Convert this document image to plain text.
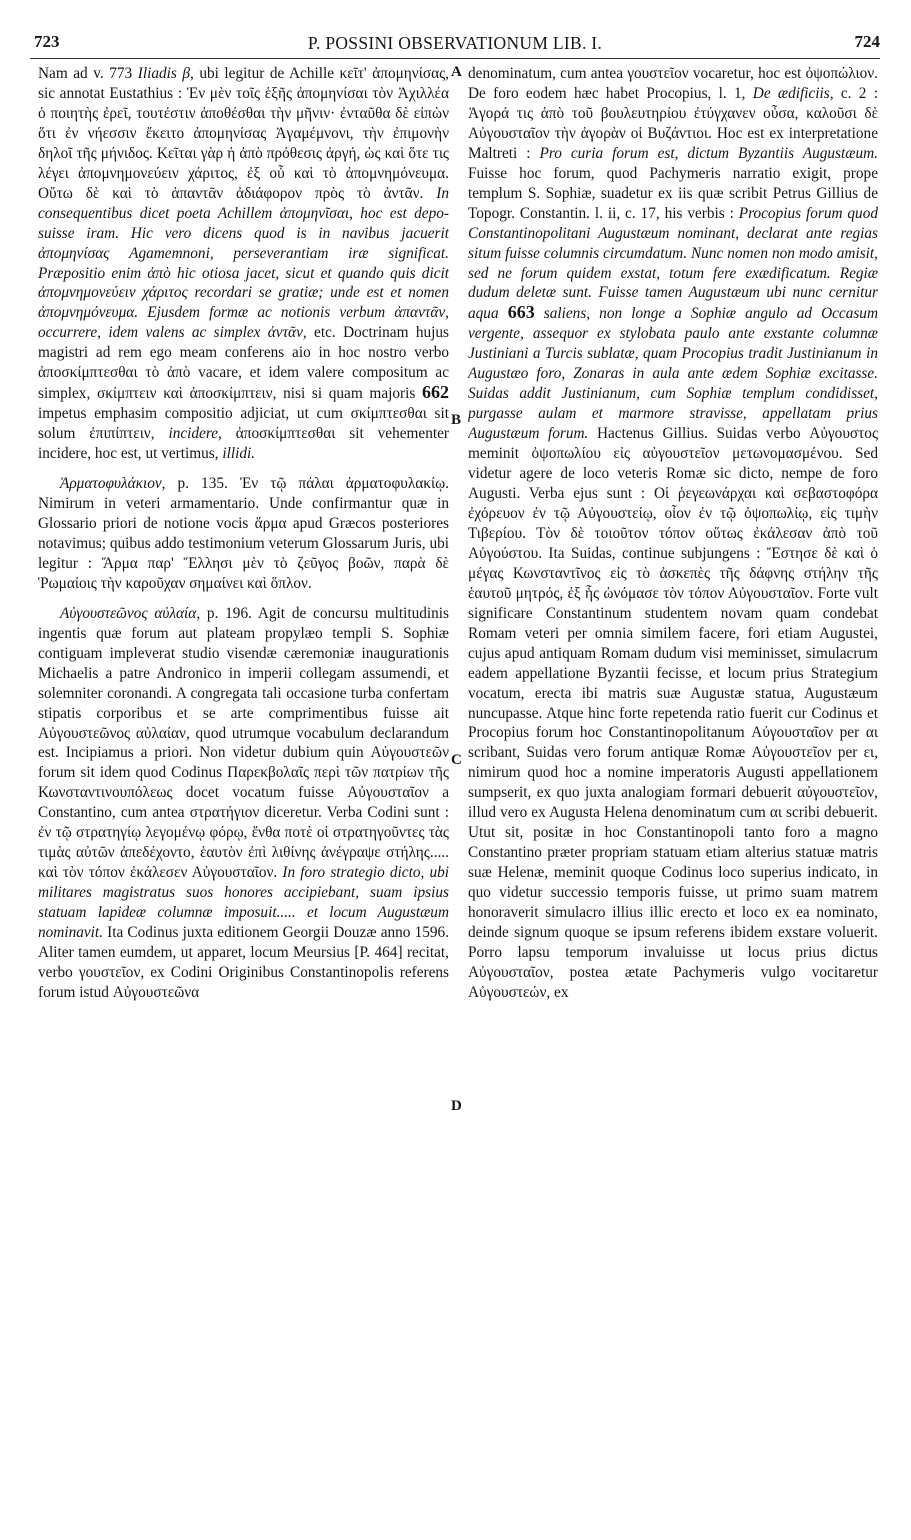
723	P. POSSINI OBSERVATIONUM LIB. I.	724
A
B
C
D

Nam ad v. 773 Iliadis β, ubi legitur de Achille κεῖτ' ἀπομηνίσας, sic annotat Eustathius : Ἐν μὲν τοῖς ἑξῆς ἀπομηνίσαι τὸν Ἀχιλλέα ὁ ποιητὴς ἐρεῖ, τουτέστιν ἀποθέσθαι τὴν μῆνιν· ἐνταῦθα δὲ εἰπὼν ὅτι ἐν νήεσσιν ἔκειτο ἀπομηνίσας Ἀγαμέμνονι, τὴν ἐπιμονὴν δηλοῖ τῆς μήνιδος. Κεῖται γὰρ ἡ ἀπὸ πρόθεσις ἀργή, ὡς καὶ ὅτε τις λέγει ἀπομνημονεύειν χάριτος, ἐξ οὗ καὶ τὸ ἀπομνημόνευμα. Οὕτω δὲ καὶ τὸ ἀπαντᾶν ἀδιάφορον πρὸς τὸ ἀντᾶν. In consequentibus dicet poeta Achillem ἀπομηνῖσαι, hoc est deposuisse iram. Hic vero dicens quod is in navibus jacuerit ἀπομηνίσας Agamemnoni, perseverantiam iræ significat. Præpositio enim ἀπὸ hic otiosa jacet, sicut et quando quis dicit ἀπομνημονεύειν χάριτος recordari se gratiæ; unde est et nomen ἀπομνημόνευμα. Ejusdem formæ ac notionis verbum ἀπαντᾶν, occurrere, idem valens ac simplex ἀντᾶν, etc. Doctrinam hujus magistri ad rem ego meam conferens aio in hoc nostro verbo ἀποσκίμπτεσθαι τὸ ἀπὸ vacare, et idem valere compositum ac simplex, σκίμπτειν καὶ ἀποσκίμπτειν, nisi si quam majoris 662 impetus emphasim compositio adjiciat, ut cum σκίμπτεσθαι sit solum ἐπιπίπτειν, incidere, ἀποσκίμπτεσθαι sit vehementer incidere, hoc est, ut vertimus, illidi.

Ἁρματοφυλάκιον, p. 135. Ἐν τῷ πάλαι ἁρματοφυλακίῳ. Nimirum in veteri armamentario. Unde confirmantur quæ in Glossario priori de notione vocis ἅρμα apud Græcos posteriores notavimus; quibus addo testimonium veterum Glossarum Juris, ubi legitur : Ἅρμα παρ' Ἕλλησι μὲν τὸ ζεῦγος βοῶν, παρὰ δὲ Ῥωμαίοις τὴν καροῦχαν σημαίνει καὶ ὅπλον.

Αὐγουστεῶνος αὐλαία, p. 196. Agit de concursu multitudinis ingentis quæ forum aut plateam propylæo templi S. Sophiæ contiguam impleverat studio visendæ cæremoniæ inaugurationis Michaelis a patre Andronico in imperii collegam assumendi, et solemniter coronandi. A congregata tali occasione turba confertam stipatis corporibus et se arte comprimentibus fuisse ait Αὐγουστεῶνος αὐλαίαν, quod utrumque vocabulum declarandum est. Incipiamus a priori. Non videtur dubium quin Αὐγουστεῶν forum sit idem quod Codinus Παρεκβολαῖς περὶ τῶν πατρίων τῆς Κωνσταντινουπόλεως docet vocatum fuisse Αὐγουσταῖον a Constantino, cum antea στρατήγιον diceretur. Verba Codini sunt : ἐν τῷ στρατηγίῳ λεγομένῳ φόρῳ, ἔνθα ποτὲ οἱ στρατηγοῦντες τὰς τιμὰς αὐτῶν ἀπεδέχοντο, ἑαυτὸν ἐπὶ λιθίνης ἀνέγραψε στήλης..... καὶ τὸν τόπον ἐκάλεσεν Αὐγουσταῖον. In foro strategio dicto, ubi militares magistratus suos honores accipiebant, suam ipsius statuam lapideæ columnæ imposuit..... et locum Augustæum nominavit. Ita Codinus juxta editionem Georgii Douzæ anno 1596. Aliter tamen eumdem, ut apparet, locum Meursius [P. 464] recitat, verbo γουστεῖον, ex Codini Originibus Constantinopolis referens forum istud Αὐγουστεῶνα

denominatum, cum antea γουστεῖον vocaretur, hoc est ὀψοπώλιον. De foro eodem hæc habet Procopius, l. 1, De ædificiis, c. 2 : Ἀγορά τις ἀπὸ τοῦ βουλευτηρίου ἐτύγχανεν οὖσα, καλοῦσι δὲ Αὐγουσταῖον τὴν ἀγορὰν οἱ Βυζάντιοι. Hoc est ex interpretatione Maltreti : Pro curia forum est, dictum Byzantiis Augustæum. Fuisse hoc forum, quod Pachymeris narratio exigit, prope templum S. Sophiæ, suadetur ex iis quæ scribit Petrus Gillius de Topogr. Constantin. l. ii, c. 17, his verbis : Procopius forum quod Constantinopolitani Augustæum nominant, declarat ante regias situm fuisse columnis circumdatum. Nunc nomen non modo amisit, sed ne forum quidem exstat, totum fere exædificatum. Regiæ dudum deletæ sunt. Fuisse tamen Augustæum ubi nunc cernitur aqua 663 saliens, non longe a Sophiæ angulo ad Occasum vergente, assequor ex stylobata paulo ante exstante columnæ Justiniani a Turcis sublatæ, quam Procopius tradit Justinianum in Augustæo foro, Zonaras in aula ante ædem Sophiæ excitasse. Suidas addit Justinianum, cum Sophiæ templum condidisset, purgasse aulam et marmore stravisse, appellatam prius Augustæum forum. Hactenus Gillius. Suidas verbo Αὐγουστος meminit ὀψοπωλίου εἰς αὐγουστεῖον μετωνομασμένου. Sed videtur agere de loco veteris Romæ sic dicto, nempe de foro Augusti. Verba ejus sunt : Οἱ ῥεγεωνάρχαι καὶ σεβαστοφόρα ἐχόρευον ἐν τῷ Αὐγουστείῳ, οἷον ἐν τῷ ὀψοπωλίῳ, εἰς τιμὴν Τιβερίου. Τὸν δὲ τοιοῦτον τόπον οὕτως ἐκάλεσαν ἀπὸ τοῦ Αὐγούστου. Ita Suidas, continue subjungens : Ἔστησε δὲ καὶ ὁ μέγας Κωνσταντῖνος εἰς τὸ ἀσκεπὲς τῆς δάφνης στήλην τῆς ἑαυτοῦ μητρός, ἐξ ἧς ὠνόμασε τὸν τόπον Αὐγουσταῖον. Forte vult significare Constantinum studentem novam quam condebat Romam veteri per omnia similem facere, fori etiam Augustei, cujus apud antiquam Romam dudum visi meminisset, simulacrum eadem appellatione Byzantii fecisse, et locum prius Strategium vocatum, erecta ibi matris suæ Augustæ statua, Augustæum nuncupasse. Atque hinc forte repetenda ratio fuerit cur Codinus et Procopius forum hoc Constantinopolitanum Αὐγουσταῖον per αι scribant, Suidas vero forum antiquæ Romæ Αὐγουστεῖον per ει, nimirum quod hoc a nomine imperatoris Augusti appellationem sumpserit, ex quo juxta analogiam formari debuerit αὐγουστεῖον, illud vero ex Augusta Helena denominatum cum αι scribi debuerit. Utut sit, positæ in hoc Constantinopoli tanto foro a magno Constantino præter propriam statuam etiam alterius statuæ matris suæ Helenæ, meminit quoque Codinus loco superius indicato, in quo videtur successio temporis fuisse, ut primo suam matrem honoraverit simulacro illius illic erecto et loco ex ea nominato, deinde signum quoque se ipsum referens ibidem exstare voluerit. Porro lapsu temporum invaluisse ut locus prius dictus Αὐγουσταῖον, postea ætate Pachymeris vulgo vocitaretur Αὐγουστεών, ex
